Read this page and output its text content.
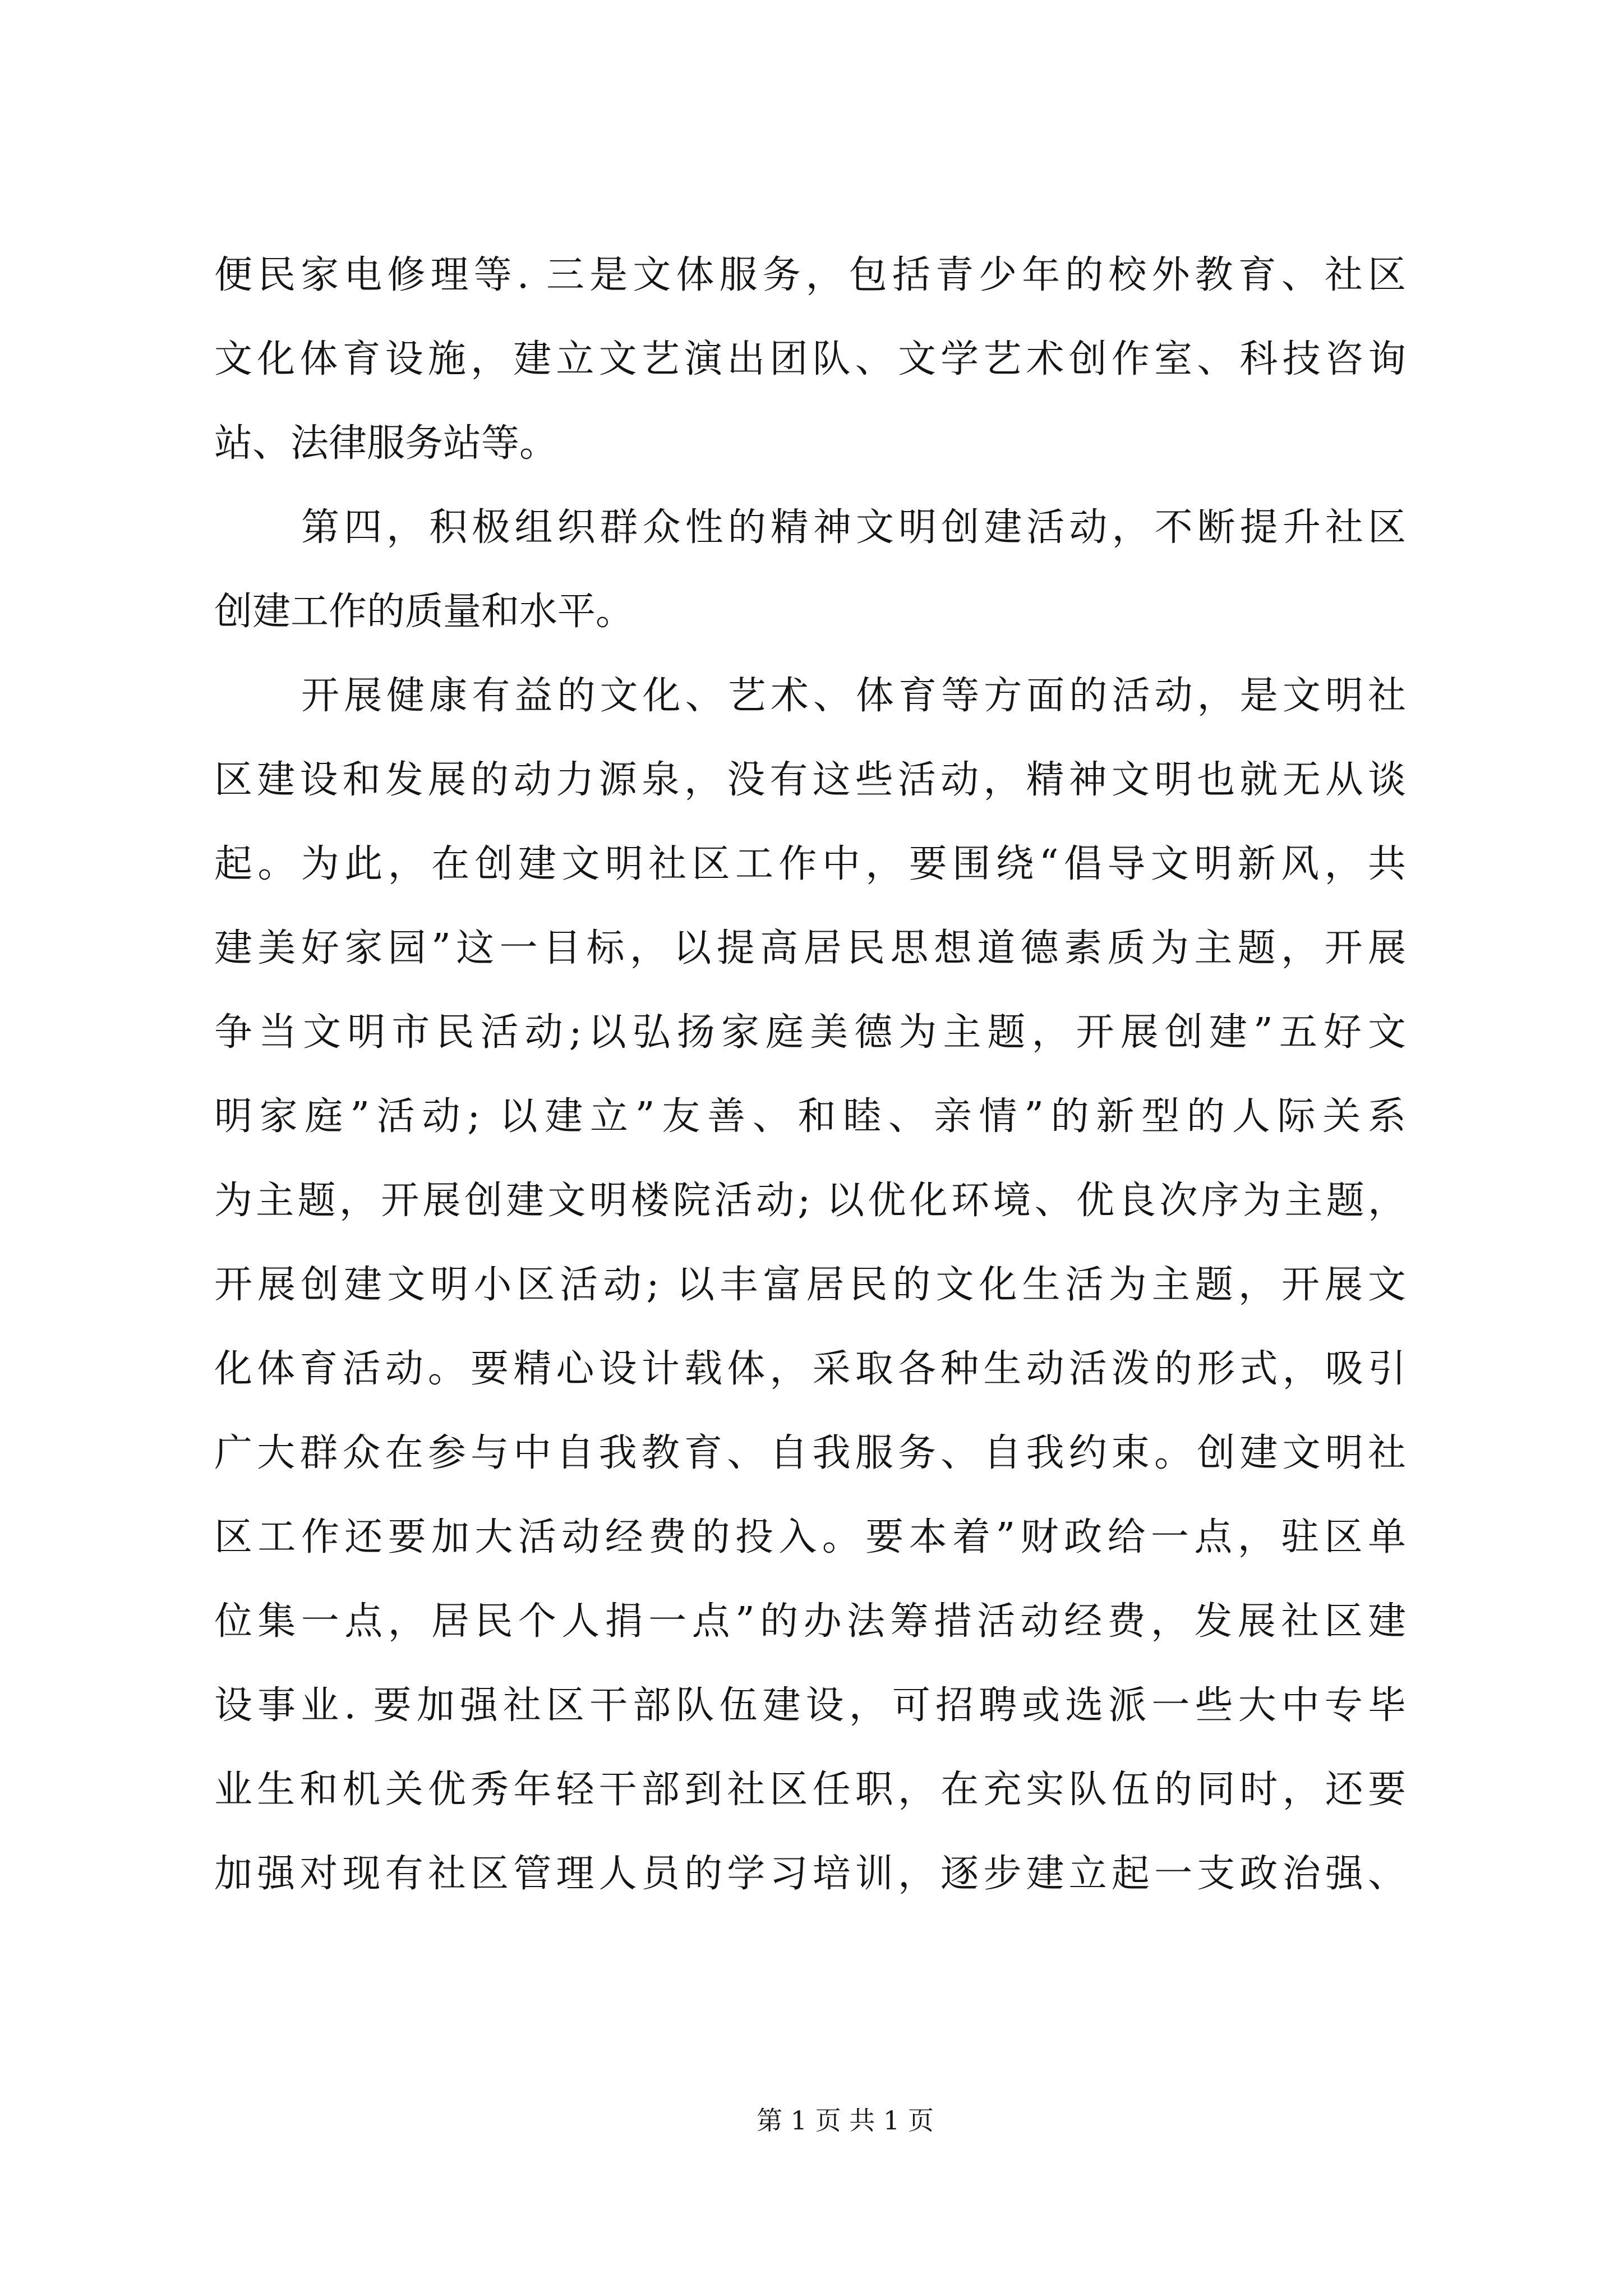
便民家电修理等. 三是文体服务，包括青少年的校外教育、社区
文化体育设施，建立文艺演出团队、文学艺术创作室、科技咨询
站、法律服务站等。
第四，积极组织群众性的精神文明创建活动，不断提升社区
创建工作的质量和水平。
开展健康有益的文化、艺术、体育等方面的活动，是文明社
区建设和发展的动力源泉，没有这些活动，精神文明也就无从谈
起。为此，在创建文明社区工作中，要围绕“倡导文明新风，共
建美好家园”这一目标，以提高居民思想道德素质为主题，开展
争当文明市民活动;以弘扬家庭美德为主题，开展创建”五好文
明家庭”活动; 以建立”友善、和睦、亲情”的新型的人际关系
为主题，开展创建文明楼院活动; 以优化环境、优良次序为主题，
开展创建文明小区活动; 以丰富居民的文化生活为主题，开展文
化体育活动。要精心设计载体，采取各种生动活泼的形式，吸引
广大群众在参与中自我教育、自我服务、自我约束。创建文明社
区工作还要加大活动经费的投入。要本着”财政给一点，驻区单
位集一点，居民个人捐一点”的办法筹措活动经费，发展社区建
设事业. 要加强社区干部队伍建设，可招聘或选派一些大中专毕
业生和机关优秀年轻干部到社区任职，在充实队伍的同时，还要
加强对现有社区管理人员的学习培训，逐步建立起一支政治强、
第 1 页 共 1 页
